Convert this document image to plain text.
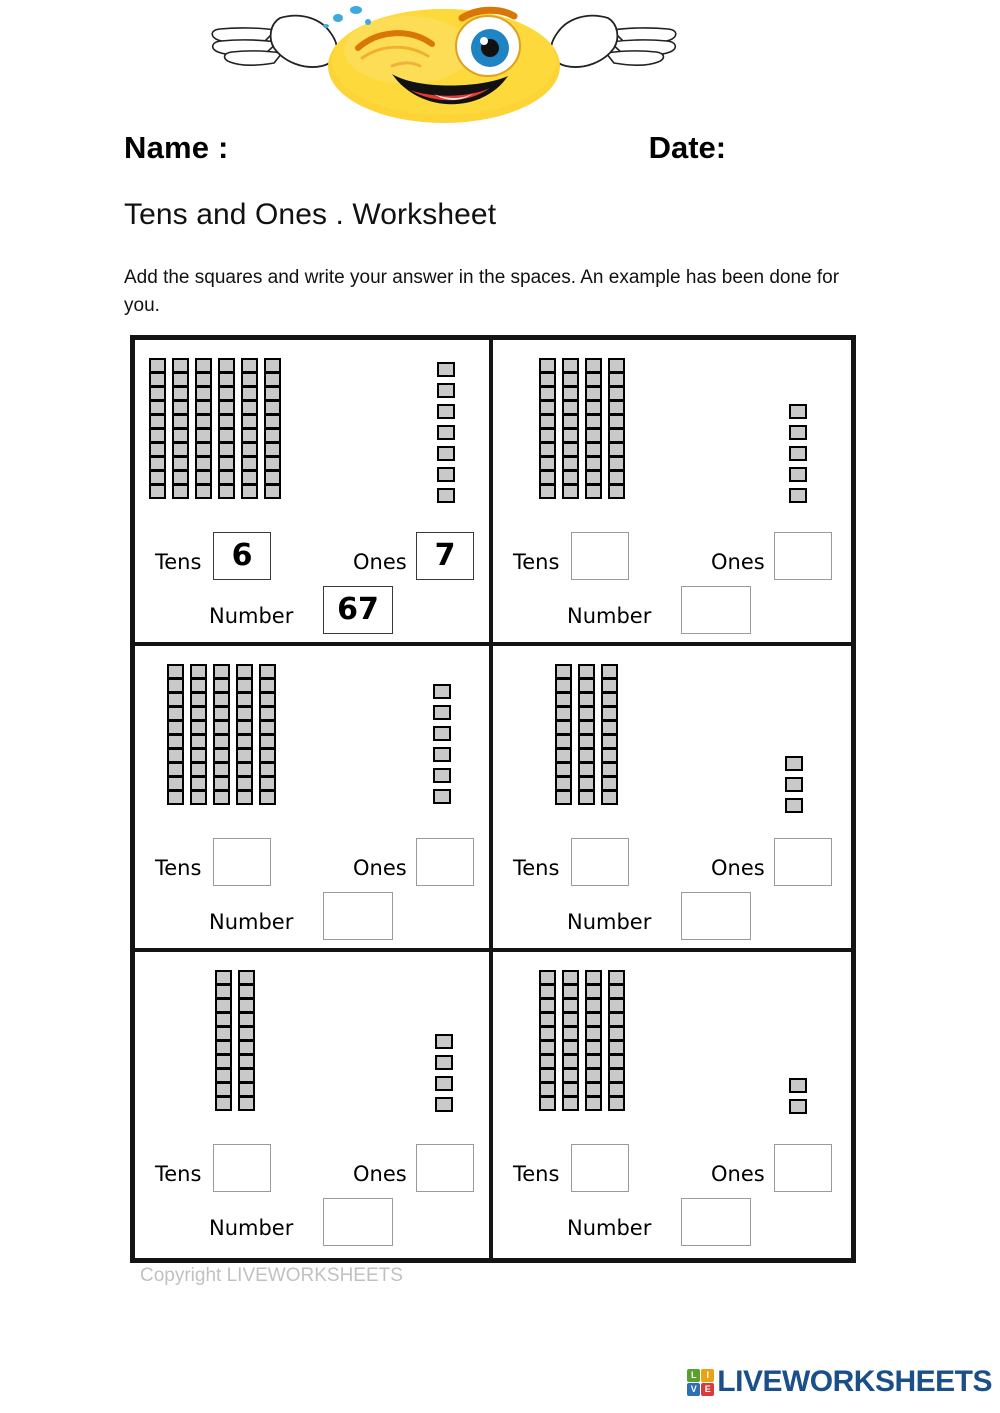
Name :	Date:
Tens and Ones . Worksheet
Add the squares and write your answer in the spaces. An example has been done for you.
Tens	6	Ones 7
Number	67
Tens	Ones
Number
Tens	Ones
Number
Tens	Ones
Number
Tens	Ones
Number
Tens	Ones
Number
Copyright LIVEWORKSHEETS
L	I
V E LIVEWORKSHEETS
